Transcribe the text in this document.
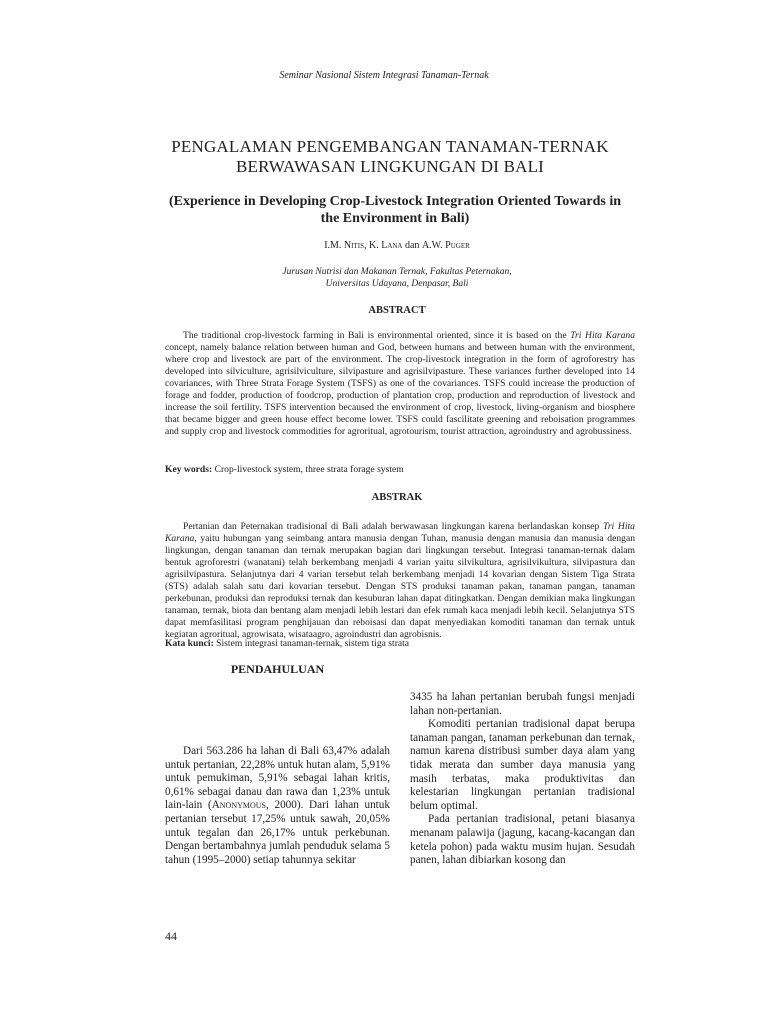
Seminar Nasional Sistem Integrasi Tanaman-Ternak
PENGALAMAN PENGEMBANGAN TANAMAN-TERNAK
BERWAWASAN LINGKUNGAN DI BALI
(Experience in Developing Crop-Livestock Integration Oriented Towards in
the Environment in Bali)
I.M. Nitis, K. Lana dan A.W. Puger
Jurusan Nutrisi dan Makanan Ternak, Fakultas Peternakan,
Universitas Udayana, Denpasar, Bali
ABSTRACT
The traditional crop-livestock farming in Bali is environmental oriented, since it is based on the Tri Hita Karana concept, namely balance relation between human and God, between humans and between human with the environment, where crop and livestock are part of the environment. The crop-livestock integration in the form of agroforestry has developed into silviculture, agrisilviculture, silvipasture and agrisilvipasture. These variances further developed into 14 covariances, with Three Strata Forage System (TSFS) as one of the covariances. TSFS could increase the production of forage and fodder, production of foodcrop, production of plantation crop, production and reproduction of livestock and increase the soil fertility. TSFS intervention becaused the environment of crop, livestock, living-organism and biosphere that became bigger and green house effect become lower. TSFS could fascilitate greening and reboisation programmes and supply crop and livestock commodities for agroritual, agrotourism, tourist attraction, agroindustry and agrobussiness.
Key words: Crop-livestock system, three strata forage system
ABSTRAK
Pertanian dan Peternakan tradisional di Bali adalah berwawasan lingkungan karena berlandaskan konsep Tri Hita Karana, yaitu hubungan yang seimbang antara manusia dengan Tuhan, manusia dengan manusia dan manusia dengan lingkungan, dengan tanaman dan ternak merupakan bagian dari lingkungan tersebut. Integrasi tanaman-ternak dalam bentuk agroforestri (wanatani) telah berkembang menjadi 4 varian yaitu silvikultura, agrisilvikultura, silvipastura dan agrisilvipastura. Selanjutnya dari 4 varian tersebut telah berkembang menjadi 14 kovarian dengan Sistem Tiga Strata (STS) adalah salah satu dari kovarian tersebut. Dengan STS produksi tanaman pakan, tanaman pangan, tanaman perkebunan, produksi dan reproduksi ternak dan kesuburan lahan dapat ditingkatkan. Dengan demikian maka lingkungan tanaman, ternak, biota dan bentang alam menjadi lebih lestari dan efek rumah kaca menjadi lebih kecil. Selanjutnya STS dapat memfasilitasi program penghijauan dan reboisasi dan dapat menyediakan komoditi tanaman dan ternak untuk kegiatan agroritual, agrowisata, wisataagro, agroindustri dan agrobisnis.
Kata kunci: Sistem integrasi tanaman-ternak, sistem tiga strata
PENDAHULUAN

Dari 563.286 ha lahan di Bali 63,47% adalah untuk pertanian, 22,28% untuk hutan alam, 5,91% untuk pemukiman, 5,91% sebagai lahan kritis, 0,61% sebagai danau dan rawa dan 1,23% untuk lain-lain (Anonymous, 2000). Dari lahan untuk pertanian tersebut 17,25% untuk sawah, 20,05% untuk tegalan dan 26,17% untuk perkebunan. Dengan bertambahnya jumlah penduduk selama 5 tahun (1995–2000) setiap tahunnya sekitar

3435 ha lahan pertanian berubah fungsi menjadi lahan non-pertanian.

Komoditi pertanian tradisional dapat berupa tanaman pangan, tanaman perkebunan dan ternak, namun karena distribusi sumber daya alam yang tidak merata dan sumber daya manusia yang masih terbatas, maka produktivitas dan kelestarian lingkungan pertanian tradisional belum optimal.

Pada pertanian tradisional, petani biasanya menanam palawija (jagung, kacang-kacangan dan ketela pohon) pada waktu musim hujan. Sesudah panen, lahan dibiarkan kosong dan

44
